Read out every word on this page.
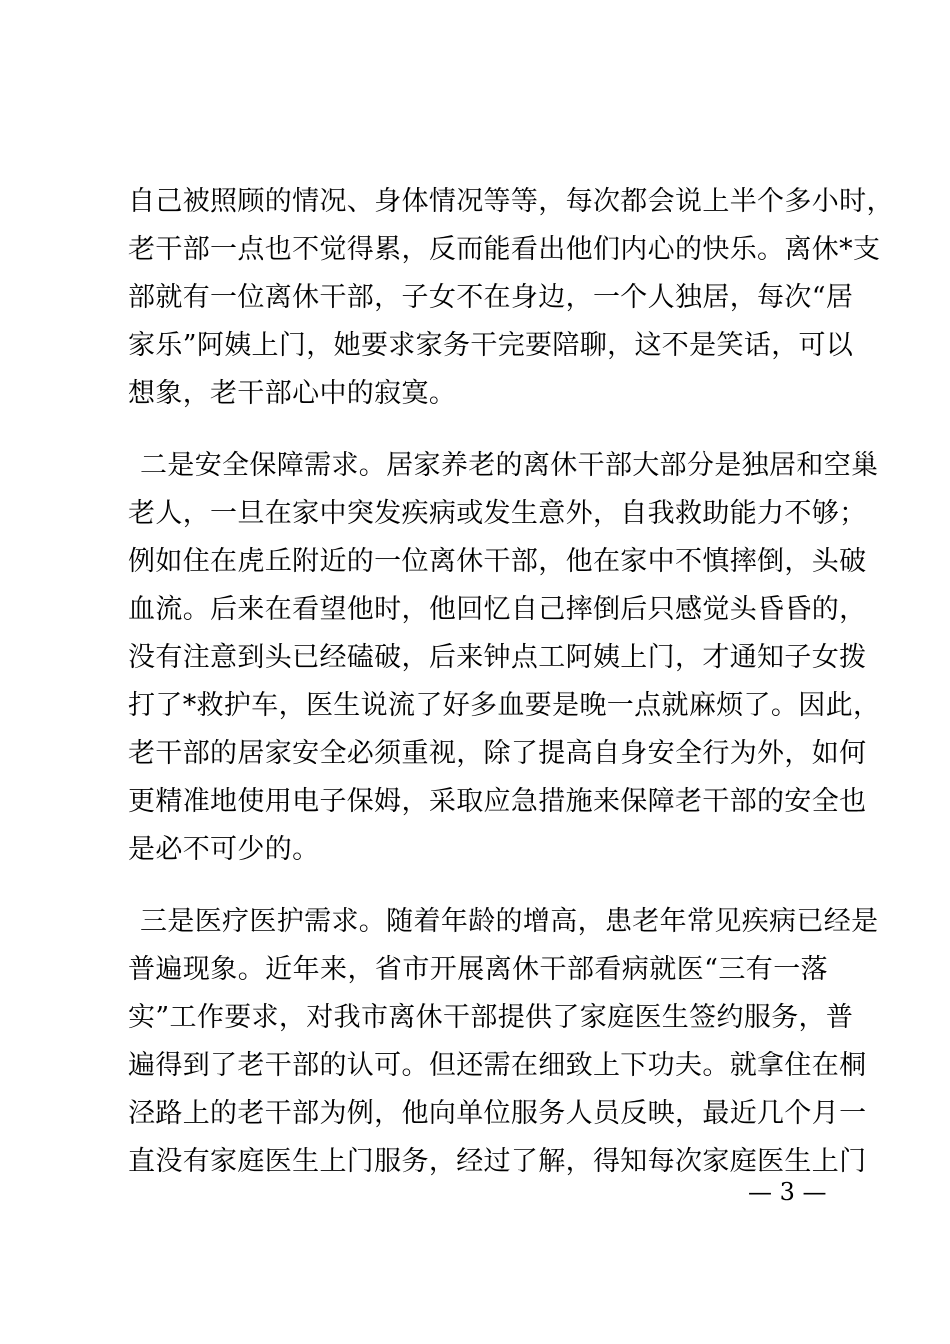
自己被照顾的情况、身体情况等等，每次都会说上半个多小时，
老干部一点也不觉得累，反而能看出他们内心的快乐。离休*支
部就有一位离休干部，子女不在身边，一个人独居，每次“居
家乐”阿姨上门，她要求家务干完要陪聊，这不是笑话，可以
想象，老干部心中的寂寞。
二是安全保障需求。居家养老的离休干部大部分是独居和空巢
老人，一旦在家中突发疾病或发生意外，自我救助能力不够；
例如住在虎丘附近的一位离休干部，他在家中不慎摔倒，头破
血流。后来在看望他时，他回忆自己摔倒后只感觉头昏昏的，
没有注意到头已经磕破，后来钟点工阿姨上门，才通知子女拨
打了*救护车，医生说流了好多血要是晚一点就麻烦了。因此，
老干部的居家安全必须重视，除了提高自身安全行为外，如何
更精准地使用电子保姆，采取应急措施来保障老干部的安全也
是必不可少的。
三是医疗医护需求。随着年龄的增高，患老年常见疾病已经是
普遍现象。近年来，省市开展离休干部看病就医“三有一落
实”工作要求，对我市离休干部提供了家庭医生签约服务，普
遍得到了老干部的认可。但还需在细致上下功夫。就拿住在桐
泾路上的老干部为例，他向单位服务人员反映，最近几个月一
直没有家庭医生上门服务，经过了解，得知每次家庭医生上门
— 3 —
